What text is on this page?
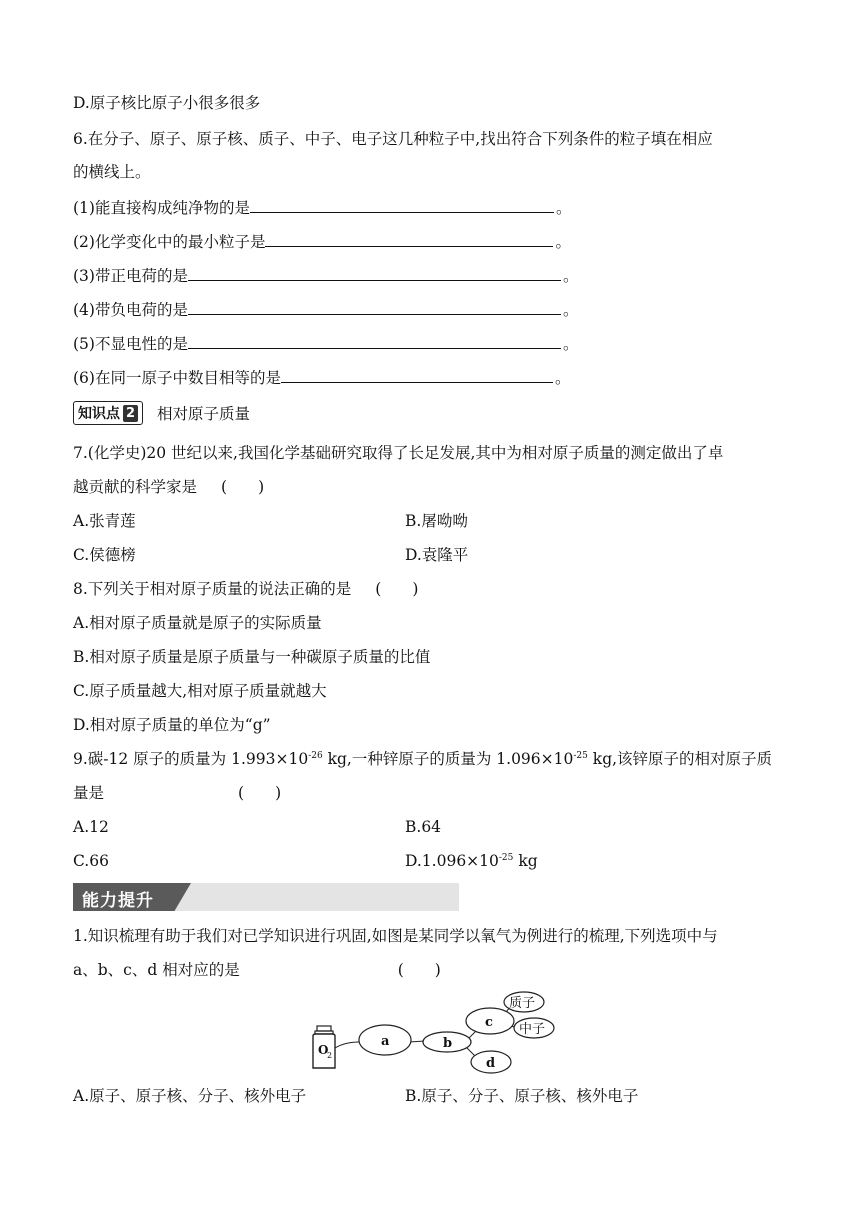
D.原子核比原子小很多很多
6.在分子、原子、原子核、质子、中子、电子这几种粒子中,找出符合下列条件的粒子填在相应
的横线上。
(1)能直接构成纯净物的是	。
(2)化学变化中的最小粒子是	。
(3)带正电荷的是	。
(4)带负电荷的是	。
(5)不显电性的是	。
(6)在同一原子中数目相等的是	。
知识点 2 相对原子质量
7.(化学史)20 世纪以来,我国化学基础研究取得了长足发展,其中为相对原子质量的测定做出了卓
越贡献的科学家是 (　　)
A.张青莲	B.屠呦呦
C.侯德榜	D.袁隆平
8.下列关于相对原子质量的说法正确的是 (　　)
A.相对原子质量就是原子的实际质量
B.相对原子质量是原子质量与一种碳原子质量的比值
C.原子质量越大,相对原子质量就越大
D.相对原子质量的单位为“g”
9.碳-12 原子的质量为 $1.993\times 10^{-26}$ kg,一种锌原子的质量为 $1.096\times 10^{-25}$ kg,该锌原子的相对原子质
量是	(　　)
A.12	B.64
C.66	$D.1.096\times 10^{-25}$ kg
能力提升
1.知识梳理有助于我们对已学知识进行巩固,如图是某同学以氧气为例进行的梳理,下列选项中与
a、b、c、d 相对应的是	(　　)
O
2
a	b
c
d
质子
中子
A.原子、原子核、分子、核外电子	B.原子、分子、原子核、核外电子
